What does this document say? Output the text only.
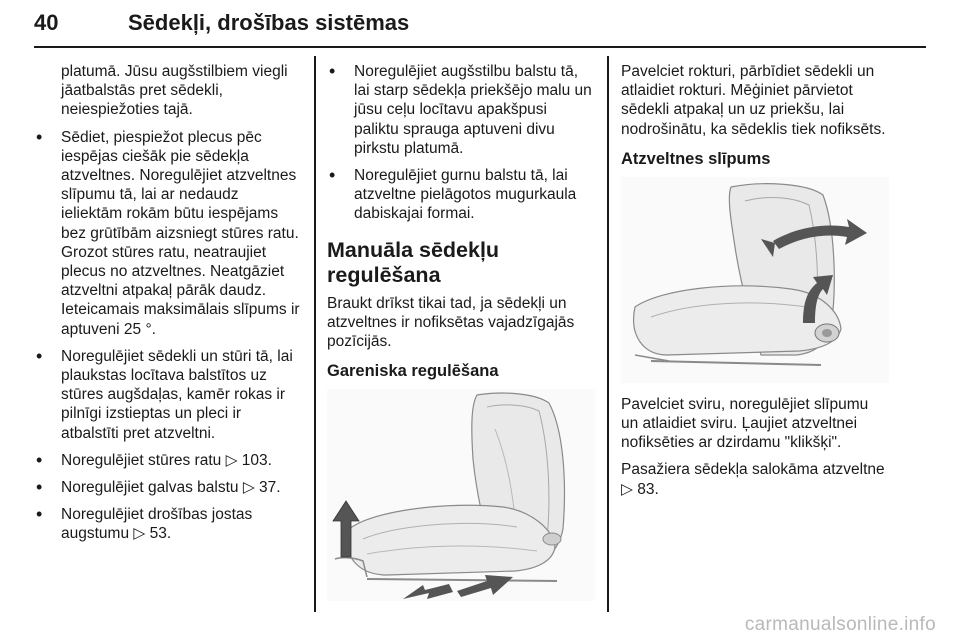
40	Sēdekļi, drošības sistēmas

platumā. Jūsu augšstilbiem viegli jāatbalstās pret sēdekli, neiespiežoties tajā.

• Sēdiet, piespiežot plecus pēc iespējas ciešāk pie sēdekļa atzveltnes. Noregulējiet atzveltnes slīpumu tā, lai ar nedaudz ieliektām rokām būtu iespējams bez grūtībām aizsniegt stūres ratu. Grozot stūres ratu, neatraujiet plecus no atzveltnes. Neatgāziet atzveltni atpakaļ pārāk daudz. Ieteicamais maksimālais slīpums ir aptuveni 25 °.
• Noregulējiet sēdekli un stūri tā, lai plaukstas locītava balstītos uz stūres augšdaļas, kamēr rokas ir pilnīgi izstieptas un pleci ir atbalstīti pret atzveltni.
• Noregulējiet stūres ratu ▷ 103.
• Noregulējiet galvas balstu ▷ 37.
• Noregulējiet drošības jostas augstumu ▷ 53.
• Noregulējiet augšstilbu balstu tā, lai starp sēdekļa priekšējo malu un jūsu ceļu locītavu apakšpusi paliktu sprauga aptuveni divu pirkstu platumā.
• Noregulējiet gurnu balstu tā, lai atzveltne pielāgotos mugurkaula dabiskajai formai.
Manuāla sēdekļu regulēšana

Braukt drīkst tikai tad, ja sēdekļi un atzveltnes ir nofiksētas vajadzīgajās pozīcijās.

Gareniska regulēšana

Pavelciet rokturi, pārbīdiet sēdekli un atlaidiet rokturi. Mēģiniet pārvietot sēdekli atpakaļ un uz priekšu, lai nodrošinātu, ka sēdeklis tiek nofiksēts.

Atzveltnes slīpums

Pavelciet sviru, noregulējiet slīpumu un atlaidiet sviru. Ļaujiet atzveltnei nofiksēties ar dzirdamu "klikšķi".

Pasažiera sēdekļa salokāma atzveltne ▷ 83.

carmanualsonline.info
